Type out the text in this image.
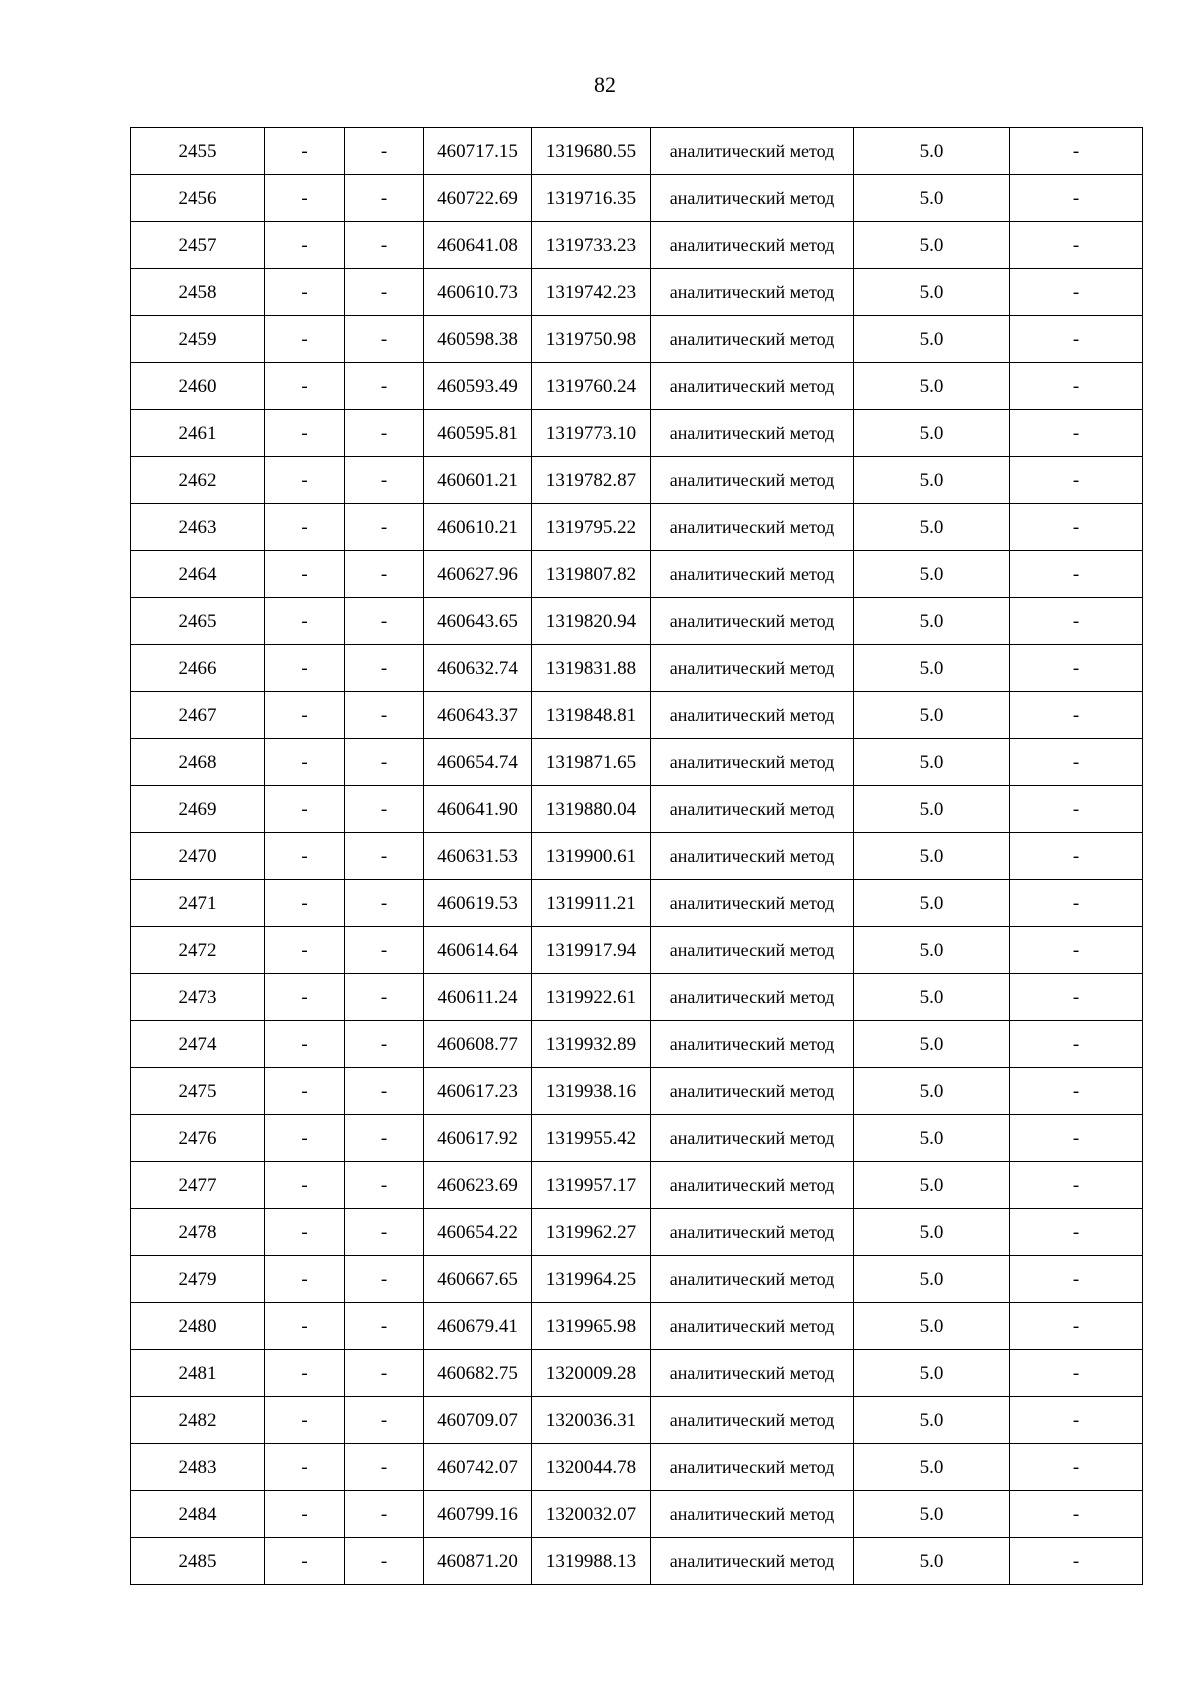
82
2455	-	-	460717.15	1319680.55	аналитический метод	5.0	-
2456	-	-	460722.69	1319716.35	аналитический метод	5.0	-
2457	-	-	460641.08	1319733.23	аналитический метод	5.0	-
2458	-	-	460610.73	1319742.23	аналитический метод	5.0	-
2459	-	-	460598.38	1319750.98	аналитический метод	5.0	-
2460	-	-	460593.49	1319760.24	аналитический метод	5.0	-
2461	-	-	460595.81	1319773.10	аналитический метод	5.0	-
2462	-	-	460601.21	1319782.87	аналитический метод	5.0	-
2463	-	-	460610.21	1319795.22	аналитический метод	5.0	-
2464	-	-	460627.96	1319807.82	аналитический метод	5.0	-
2465	-	-	460643.65	1319820.94	аналитический метод	5.0	-
2466	-	-	460632.74	1319831.88	аналитический метод	5.0	-
2467	-	-	460643.37	1319848.81	аналитический метод	5.0	-
2468	-	-	460654.74	1319871.65	аналитический метод	5.0	-
2469	-	-	460641.90	1319880.04	аналитический метод	5.0	-
2470	-	-	460631.53	1319900.61	аналитический метод	5.0	-
2471	-	-	460619.53	1319911.21	аналитический метод	5.0	-
2472	-	-	460614.64	1319917.94	аналитический метод	5.0	-
2473	-	-	460611.24	1319922.61	аналитический метод	5.0	-
2474	-	-	460608.77	1319932.89	аналитический метод	5.0	-
2475	-	-	460617.23	1319938.16	аналитический метод	5.0	-
2476	-	-	460617.92	1319955.42	аналитический метод	5.0	-
2477	-	-	460623.69	1319957.17	аналитический метод	5.0	-
2478	-	-	460654.22	1319962.27	аналитический метод	5.0	-
2479	-	-	460667.65	1319964.25	аналитический метод	5.0	-
2480	-	-	460679.41	1319965.98	аналитический метод	5.0	-
2481	-	-	460682.75	1320009.28	аналитический метод	5.0	-
2482	-	-	460709.07	1320036.31	аналитический метод	5.0	-
2483	-	-	460742.07	1320044.78	аналитический метод	5.0	-
2484	-	-	460799.16	1320032.07	аналитический метод	5.0	-
2485	-	-	460871.20	1319988.13	аналитический метод	5.0	-
